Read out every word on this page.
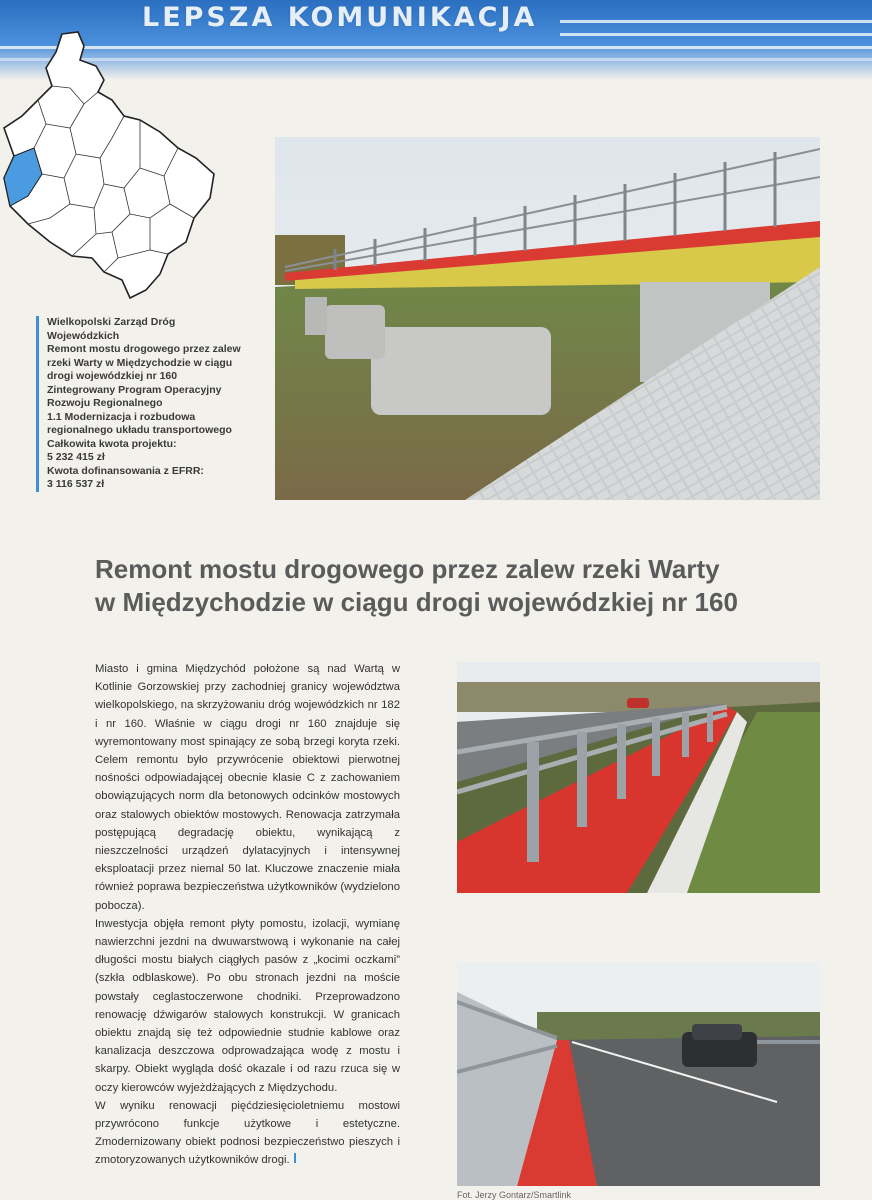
LEPSZA KOMUNIKACJA
Wielkopolski Zarząd Dróg
Wojewódzkich
Remont mostu drogowego przez zalew
rzeki Warty w Międzychodzie w ciągu
drogi wojewódzkiej nr 160
Zintegrowany Program Operacyjny
Rozwoju Regionalnego
1.1 Modernizacja i rozbudowa
regionalnego układu transportowego
Całkowita kwota projektu:
5 232 415 zł
Kwota dofinansowania z EFRR:
3 116 537 zł
Remont mostu drogowego przez zalew rzeki Warty
w Międzychodzie w ciągu drogi wojewódzkiej nr 160

Miasto i gmina Międzychód położone są nad Wartą w Kotlinie Gorzowskiej przy zachodniej granicy województwa wielkopolskiego, na skrzyżowaniu dróg wojewódzkich nr 182 i nr 160. Właśnie w ciągu drogi nr 160 znajduje się wyremontowany most spinający ze sobą brzegi koryta rzeki. Celem remontu było przywrócenie obiektowi pierwotnej nośności odpowiadającej obecnie klasie C z zachowaniem obowiązujących norm dla betonowych odcinków mostowych oraz stalowych obiektów mostowych. Renowacja zatrzymała postępującą degradację obiektu, wynikającą z nieszczelności urządzeń dylatacyjnych i intensywnej eksploatacji przez niemal 50 lat. Kluczowe znaczenie miała również poprawa bezpieczeństwa użytkowników (wydzielono pobocza).

Inwestycja objęła remont płyty pomostu, izolacji, wymianę nawierzchni jezdni na dwuwarstwową i wykonanie na całej długości mostu białych ciągłych pasów z „kocimi oczkami” (szkła odblaskowe). Po obu stronach jezdni na moście powstały ceglastoczerwone chodniki. Przeprowadzono renowację dźwigarów stalowych konstrukcji. W granicach obiektu znajdą się też odpowiednie studnie kablowe oraz kanalizacja deszczowa odprowadzająca wodę z mostu i skarpy. Obiekt wygląda dość okazale i od razu rzuca się w oczy kierowców wyjeżdżających z Międzychodu.

W wyniku renowacji pięćdziesięcioletniemu mostowi przywrócono funkcje użytkowe i estetyczne. Zmodernizowany obiekt podnosi bezpieczeństwo pieszych i zmotoryzowanych użytkowników drogi.

Fot. Jerzy Gontarz/Smartlink
